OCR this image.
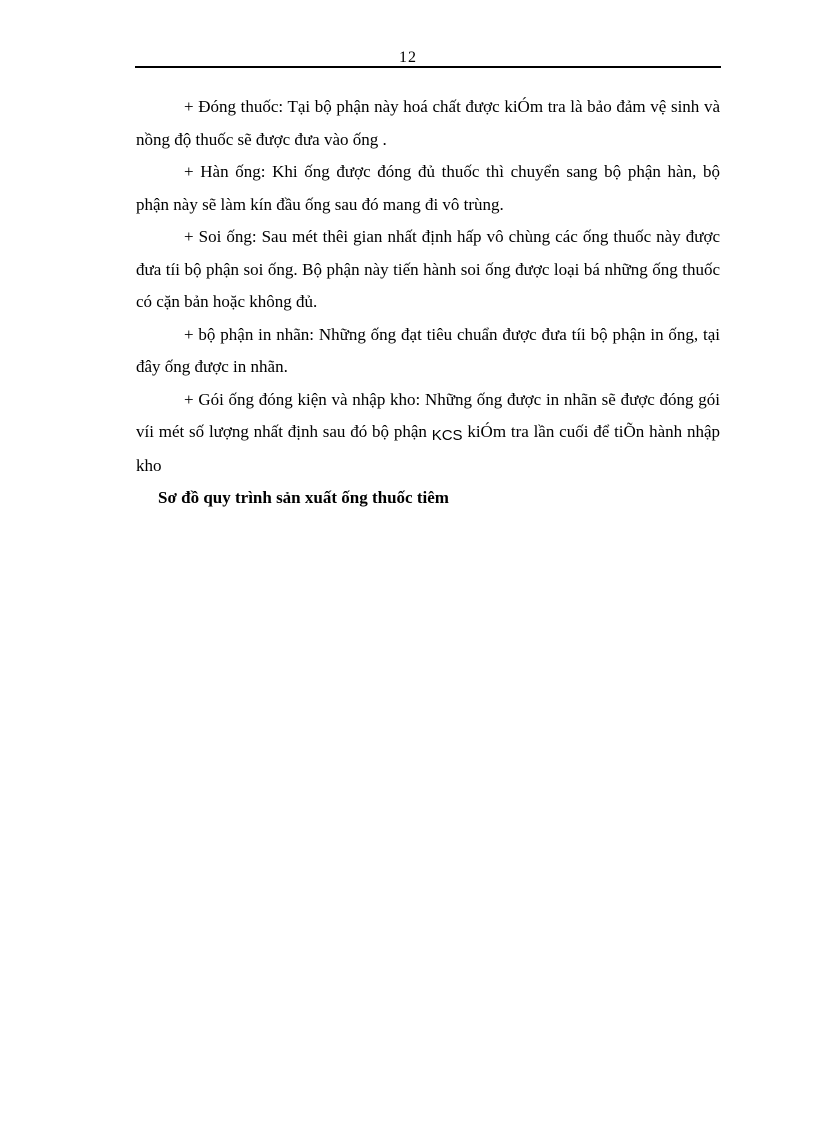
12

+ Đóng thuốc: Tại bộ phận này hoá chất được kiÓm tra là bảo đảm vệ sinh và nồng độ thuốc sẽ được đưa vào ống .

+ Hàn ống: Khi ống được đóng đủ thuốc thì chuyển sang bộ phận hàn, bộ phận này sẽ làm kín đầu ống sau đó mang đi vô trùng.

+ Soi ống: Sau mét thêi gian nhất định hấp vô chùng các ống thuốc này được đưa tíi bộ phận soi ống. Bộ phận này tiến hành soi ống được loại bá những ống thuốc có cặn bản hoặc không đủ.

+ bộ phận in nhãn: Những ống đạt tiêu chuẩn được đưa tíi bộ phận in ống, tại đây ống được in nhãn.

+ Gói ống đóng kiện và nhập kho: Những ống được in nhãn sẽ được đóng gói víi mét số lượng nhất định sau đó bộ phận KCS kiÓm tra lần cuối để tiÕn hành nhập kho

Sơ đồ quy trình sản xuất ống thuốc tiêm
